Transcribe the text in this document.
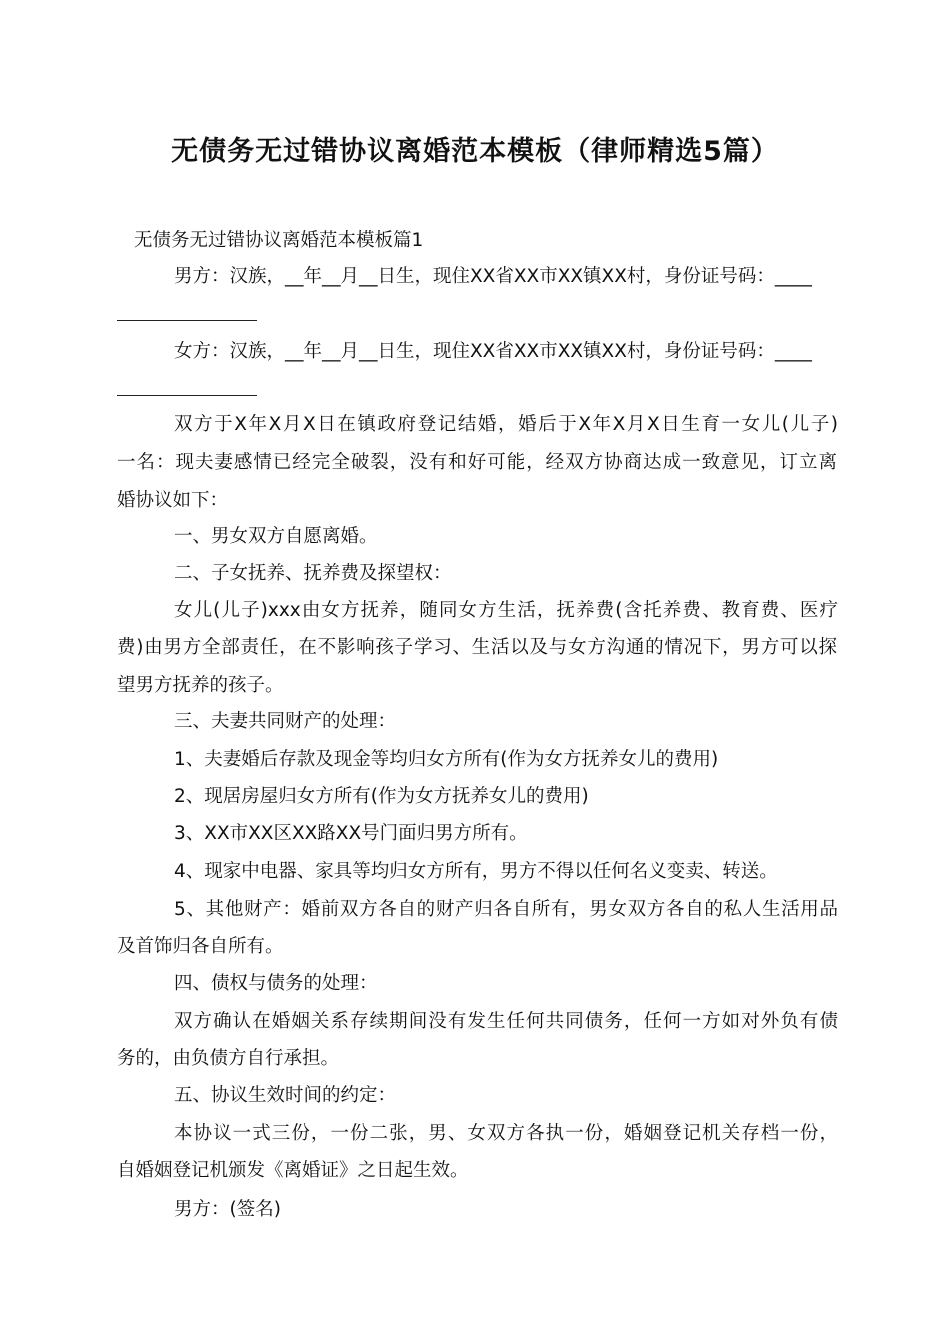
无债务无过错协议离婚范本模板（律师精选5篇）
无债务无过错协议离婚范本模板篇1
男方：汉族，__年__月__日生，现住XX省XX市XX镇XX村，身份证号码：____
女方：汉族，__年__月__日生，现住XX省XX市XX镇XX村，身份证号码：____
双方于X年X月X日在镇政府登记结婚，婚后于X年X月X日生育一女儿(儿子)
一名：现夫妻感情已经完全破裂，没有和好可能，经双方协商达成一致意见，订立离
婚协议如下：
一、男女双方自愿离婚。
二、子女抚养、抚养费及探望权：
女儿(儿子)xxx由女方抚养，随同女方生活，抚养费(含托养费、教育费、医疗
费)由男方全部责任，在不影响孩子学习、生活以及与女方沟通的情况下，男方可以探
望男方抚养的孩子。
三、夫妻共同财产的处理：
1、夫妻婚后存款及现金等均归女方所有(作为女方抚养女儿的费用)
2、现居房屋归女方所有(作为女方抚养女儿的费用)
3、XX市XX区XX路XX号门面归男方所有。
4、现家中电器、家具等均归女方所有，男方不得以任何名义变卖、转送。
5、其他财产：婚前双方各自的财产归各自所有，男女双方各自的私人生活用品
及首饰归各自所有。
四、债权与债务的处理：
双方确认在婚姻关系存续期间没有发生任何共同债务，任何一方如对外负有债
务的，由负债方自行承担。
五、协议生效时间的约定：
本协议一式三份，一份二张，男、女双方各执一份，婚姻登记机关存档一份，
自婚姻登记机颁发《离婚证》之日起生效。
男方：(签名)
